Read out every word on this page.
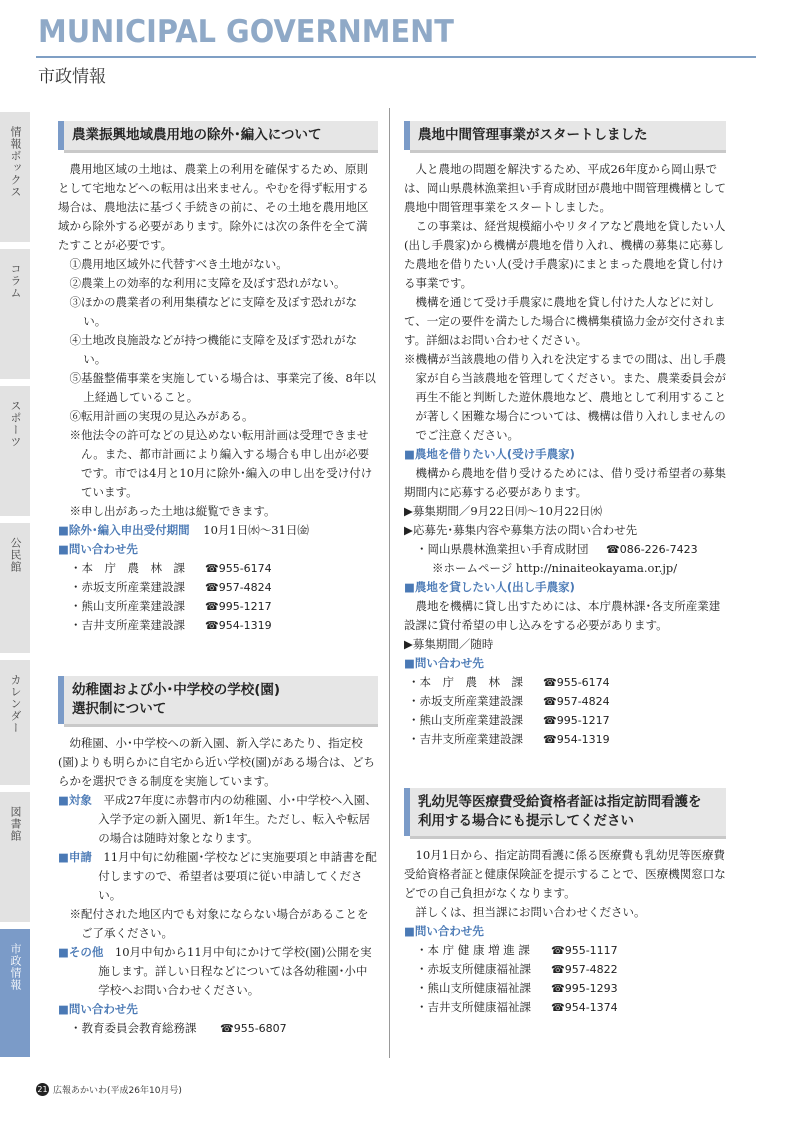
MUNICIPAL GOVERNMENT
市政情報
情報ボックス
コラム
スポーツ
公民館
カレンダー
図書館
市政情報
農業振興地域農用地の除外･編入について

農用地区域の土地は、農業上の利用を確保するため、原則として宅地などへの転用は出来ません。やむを得ず転用する場合は、農地法に基づく手続きの前に、その土地を農用地区域から除外する必要があります。除外には次の条件を全て満たすことが必要です。

①農用地区域外に代替すべき土地がない。

②農業上の効率的な利用に支障を及ぼす恐れがない。

③ほかの農業者の利用集積などに支障を及ぼす恐れがない。

④土地改良施設などが持つ機能に支障を及ぼす恐れがない。

⑤基盤整備事業を実施している場合は、事業完了後、8年以上経過していること。

⑥転用計画の実現の見込みがある。

※他法令の許可などの見込めない転用計画は受理できません。また、都市計画により編入する場合も申し出が必要です。市では4月と10月に除外･編入の申し出を受け付けています。

※申し出があった土地は縦覧できます。

■除外･編入申出受付期間 10月1日㈬～31日㈮

■問い合わせ先

・本　庁　農　林　課	☎955-6174
・赤坂支所産業建設課	☎957-4824
・熊山支所産業建設課	☎995-1217
・吉井支所産業建設課	☎954-1319
幼稚園および小･中学校の学校(園)
選択制について

幼稚園、小･中学校への新入園、新入学にあたり、指定校(園)よりも明らかに自宅から近い学校(園)がある場合は、どちらかを選択できる制度を実施しています。

■対象　 平成27年度に赤磐市内の幼稚園、小･中学校へ入園、入学予定の新入園児、新1年生。ただし、転入や転居の場合は随時対象となります。

■申請　 11月中旬に幼稚園･学校などに実施要項と申請書を配付しますので、希望者は要項に従い申請してください。

※配付された地区内でも対象にならない場合があることをご了承ください。

■その他　 10月中旬から11月中旬にかけて学校(園)公開を実施します。詳しい日程などについては各幼稚園･小中学校へお問い合わせください。

■問い合わせ先

・教育委員会教育総務課	☎955-6807
農地中間管理事業がスタートしました

人と農地の問題を解決するため、平成26年度から岡山県では、岡山県農林漁業担い手育成財団が農地中間管理機構として農地中間管理事業をスタートしました。

この事業は、経営規模縮小やリタイアなど農地を貸したい人(出し手農家)から機構が農地を借り入れ、機構の募集に応募した農地を借りたい人(受け手農家)にまとまった農地を貸し付ける事業です。

機構を通じて受け手農家に農地を貸し付けた人などに対して、一定の要件を満たした場合に機構集積協力金が交付されます。詳細はお問い合わせください。

※機構が当該農地の借り入れを決定するまでの間は、出し手農家が自ら当該農地を管理してください。また、農業委員会が再生不能と判断した遊休農地など、農地として利用することが著しく困難な場合については、機構は借り入れしませんのでご注意ください。

■農地を借りたい人(受け手農家)

機構から農地を借り受けるためには、借り受け希望者の募集期間内に応募する必要があります。

▶募集期間／9月22日㈪～10月22日㈬

▶応募先･募集内容や募集方法の問い合わせ先

・岡山県農林漁業担い手育成財団	☎086-226-7423

※ホームページ http://ninaiteokayama.or.jp/

■農地を貸したい人(出し手農家)

農地を機構に貸し出すためには、本庁農林課･各支所産業建設課に貸付希望の申し込みをする必要があります。

▶募集期間／随時

■問い合わせ先

・本　庁　農　林　課	☎955-6174
・赤坂支所産業建設課	☎957-4824
・熊山支所産業建設課	☎995-1217
・吉井支所産業建設課	☎954-1319
乳幼児等医療費受給資格者証は指定訪問看護を
利用する場合にも提示してください

10月1日から、指定訪問看護に係る医療費も乳幼児等医療費受給資格者証と健康保険証を提示することで、医療機関窓口などでの自己負担がなくなります。

詳しくは、担当課にお問い合わせください。

■問い合わせ先

・本 庁 健 康 増 進 課	☎955-1117
・赤坂支所健康福祉課	☎957-4822
・熊山支所健康福祉課	☎995-1293
・吉井支所健康福祉課	☎954-1374
21 広報あかいわ(平成26年10月号)
